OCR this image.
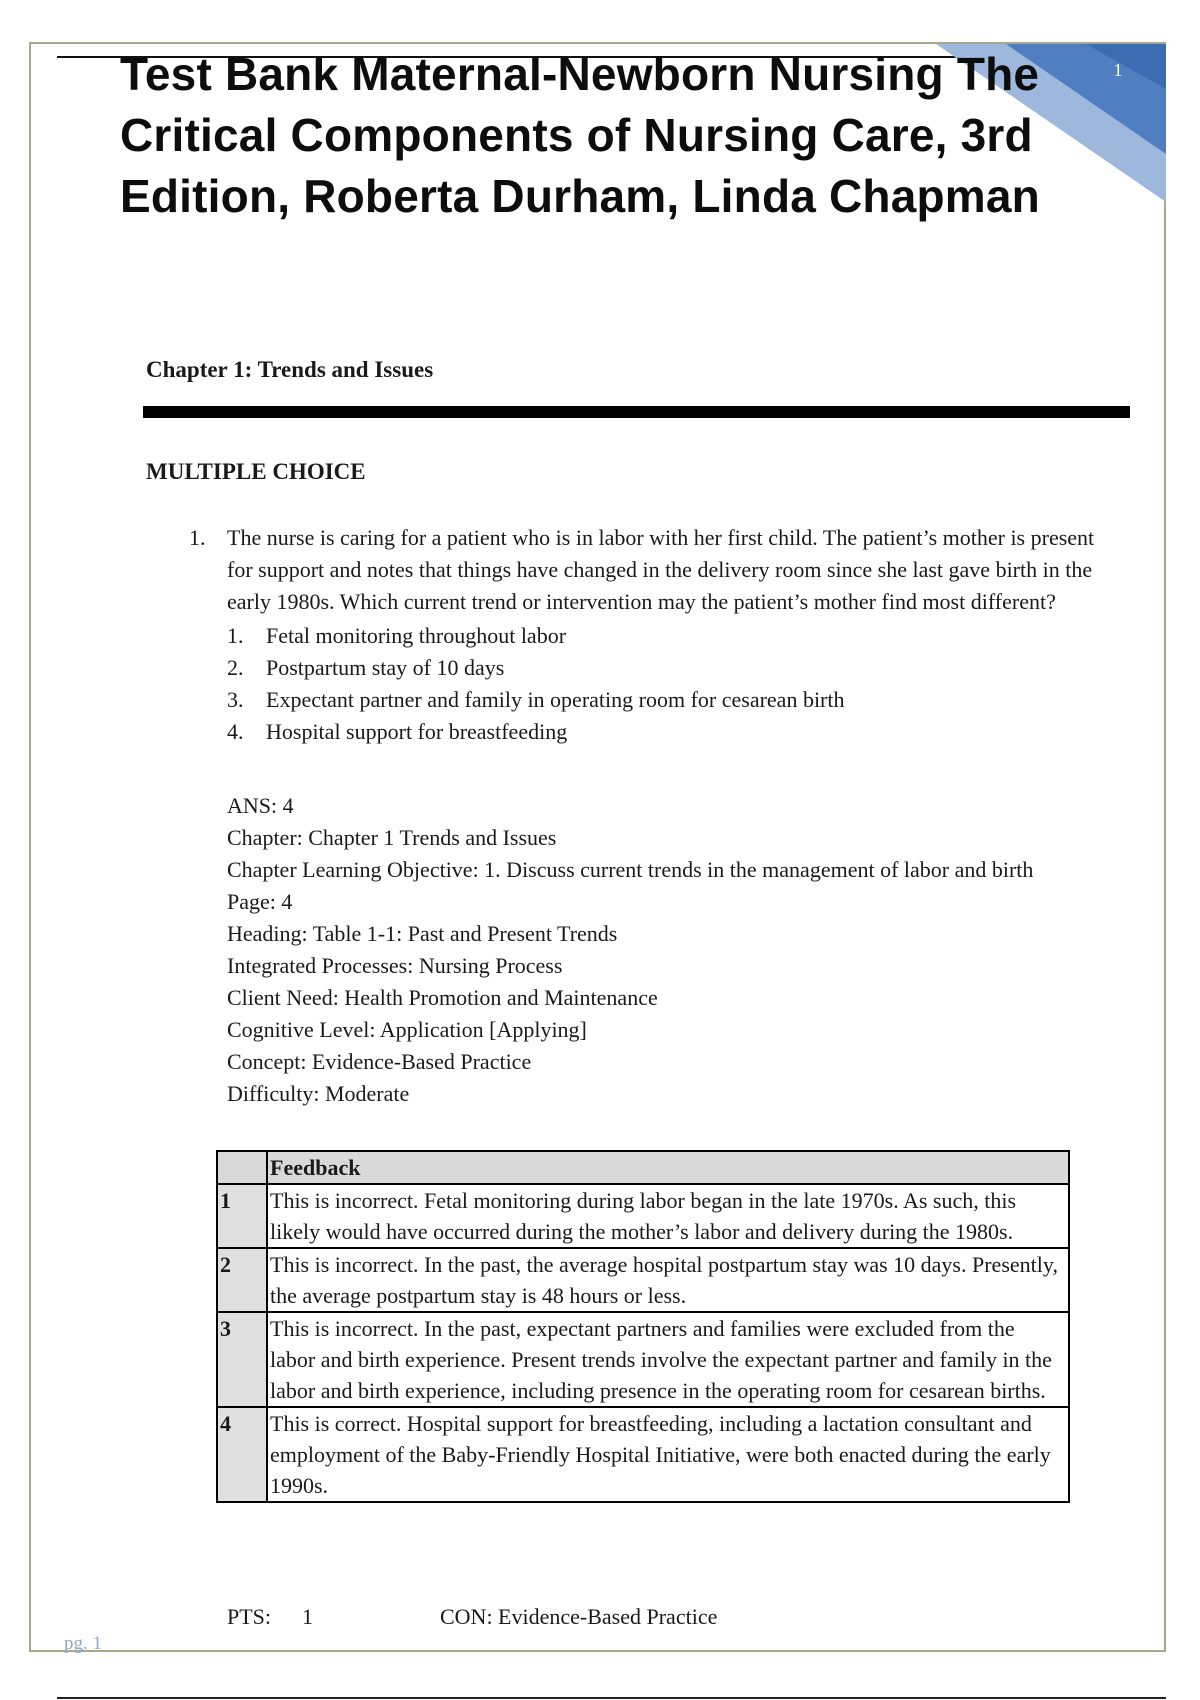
1
Test Bank Maternal-Newborn Nursing The Critical Components of Nursing Care, 3rd Edition, Roberta Durham, Linda Chapman
Chapter 1: Trends and Issues
MULTIPLE CHOICE
1. The nurse is caring for a patient who is in labor with her first child. The patient’s mother is present for support and notes that things have changed in the delivery room since she last gave birth in the early 1980s. Which current trend or intervention may the patient’s mother find most different?
1. Fetal monitoring throughout labor
2. Postpartum stay of 10 days
3. Expectant partner and family in operating room for cesarean birth
4. Hospital support for breastfeeding
ANS: 4
Chapter: Chapter 1 Trends and Issues
Chapter Learning Objective: 1. Discuss current trends in the management of labor and birth
Page: 4
Heading: Table 1-1: Past and Present Trends
Integrated Processes: Nursing Process
Client Need: Health Promotion and Maintenance
Cognitive Level: Application [Applying]
Concept: Evidence-Based Practice
Difficulty: Moderate
	Feedback
1	This is incorrect. Fetal monitoring during labor began in the late 1970s. As such, this likely would have occurred during the mother’s labor and delivery during the 1980s.
2	This is incorrect. In the past, the average hospital postpartum stay was 10 days. Presently, the average postpartum stay is 48 hours or less.
3	This is incorrect. In the past, expectant partners and families were excluded from the labor and birth experience. Present trends involve the expectant partner and family in the labor and birth experience, including presence in the operating room for cesarean births.
4	This is correct. Hospital support for breastfeeding, including a lactation consultant and employment of the Baby-Friendly Hospital Initiative, were both enacted during the early 1990s.
PTS: 1	CON: Evidence-Based Practice
pg. 1
